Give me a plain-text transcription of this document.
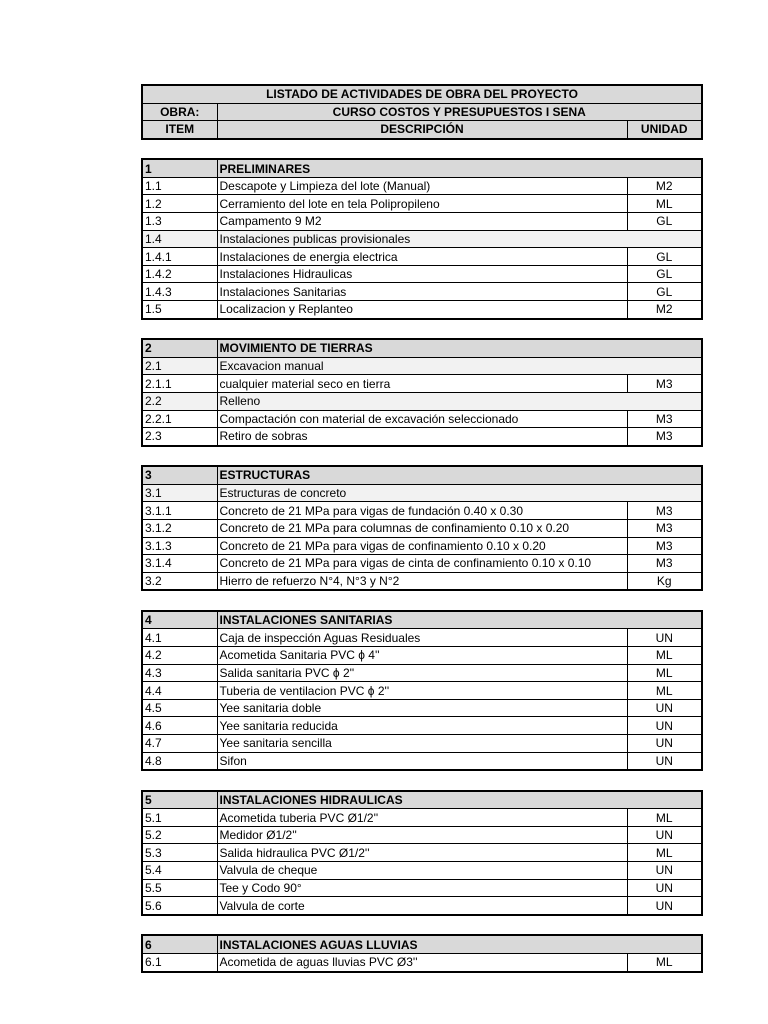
LISTADO DE ACTIVIDADES DE OBRA DEL PROYECTO		
OBRA:	CURSO COSTOS Y PRESUPUESTOS I SENA	
ITEM	DESCRIPCIÓN	UNIDAD
1	PRELIMINARES	
1.1	Descapote y Limpieza del lote (Manual)	M2
1.2	Cerramiento del lote en tela Polipropileno	ML
1.3	Campamento 9 M2	GL
1.4	Instalaciones publicas provisionales	
1.4.1	Instalaciones de energia electrica	GL
1.4.2	Instalaciones Hidraulicas	GL
1.4.3	Instalaciones Sanitarias	GL
1.5	Localizacion y Replanteo	M2
2	MOVIMIENTO DE TIERRAS	
2.1	Excavacion manual	
2.1.1	cualquier material seco en tierra	M3
2.2	Relleno	
2.2.1	Compactación con material de excavación seleccionado	M3
2.3	Retiro de sobras	M3
3	ESTRUCTURAS	
3.1	Estructuras de concreto	
3.1.1	Concreto de 21 MPa para vigas de fundación 0.40 x 0.30	M3
3.1.2	Concreto de 21 MPa para columnas de confinamiento 0.10 x 0.20	M3
3.1.3	Concreto de 21 MPa para vigas de confinamiento 0.10 x 0.20	M3
3.1.4	Concreto de 21 MPa para vigas de cinta de confinamiento 0.10 x 0.10	M3
3.2	Hierro de refuerzo N°4, N°3 y N°2	Kg
4	INSTALACIONES SANITARIAS	
4.1	Caja de inspección Aguas Residuales	UN
4.2	Acometida Sanitaria PVC ϕ 4''	ML
4.3	Salida sanitaria PVC ϕ 2''	ML
4.4	Tuberia de ventilacion PVC ϕ 2''	ML
4.5	Yee sanitaria doble	UN
4.6	Yee sanitaria reducida	UN
4.7	Yee sanitaria sencilla	UN
4.8	Sifon	UN
5	INSTALACIONES HIDRAULICAS	
5.1	Acometida tuberia PVC Ø1/2''	ML
5.2	Medidor Ø1/2''	UN
5.3	Salida hidraulica PVC Ø1/2''	ML
5.4	Valvula de cheque	UN
5.5	Tee y Codo 90°	UN
5.6	Valvula de corte	UN
6	INSTALACIONES AGUAS LLUVIAS	
6.1	Acometida de aguas lluvias PVC Ø3''	ML
